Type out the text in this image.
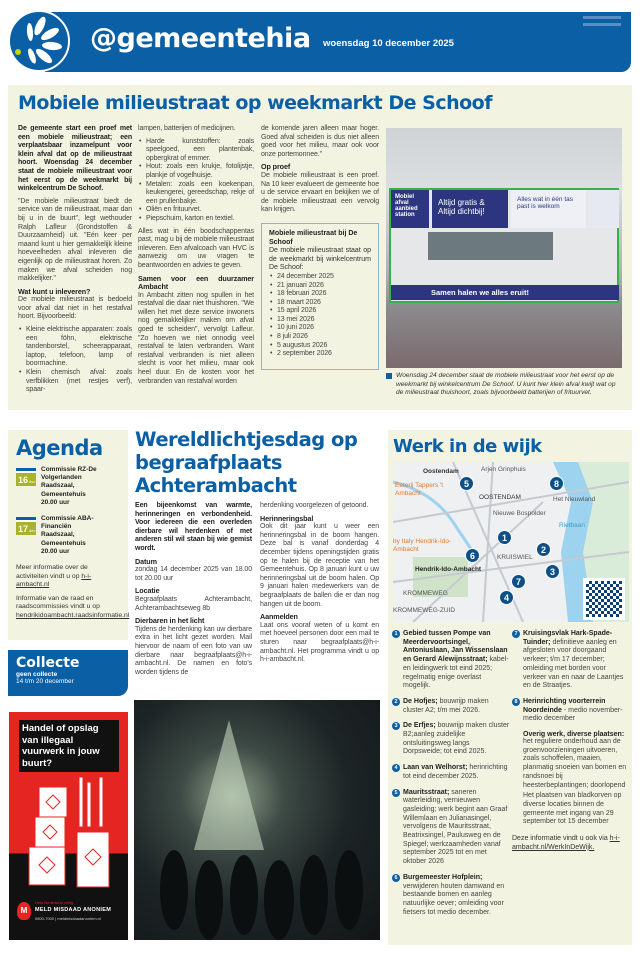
@gemeentehia woensdag 10 december 2025
Mobiele milieustraat op weekmarkt De Schoof

De gemeente start een proef met een mobiele milieustraat; een verplaatsbaar inzamelpunt voor klein afval dat op de milieustraat hoort. Woensdag 24 december staat de mobiele milieustraat voor het eerst op de weekmarkt bij winkelcentrum De Schoof.

"De mobiele milieustraat biedt de service van de milieustraat, maar dan bij u in de buurt", legt wethouder Ralph Lafleur (Grondstoffen & Duurzaamheid) uit. "Eén keer per maand kunt u hier gemakkelijk kleine hoeveelheden afval inleveren die eigenlijk op de milieustraat horen. Zo maken we afval scheiden nog makkelijker."

Wat kunt u inleveren?

De mobiele milieustraat is bedoeld voor afval dat niet in het restafval hoort. Bijvoorbeeld:

• Kleine elektrische apparaten: zoals een föhn, elektrische tandenborstel, scheerapparaat, laptop, telefoon, lamp of boormachine.
• Klein chemisch afval: zoals verfblikken (met restjes verf), spaar-

lampen, batterijen of medicijnen.

• Harde kunststoffen: zoals speelgoed, een plantenbak, opbergkrat of emmer.
• Hout: zoals een krukje, fotolijstje, plankje of vogelhuisje.
• Metalen: zoals een koekenpan, keukengerei, gereedschap, rekje of een prullenbakje.
• Oliën en frituurvet.
• Piepschuim, karton en textiel.

Alles wat in één boodschappentas past, mag u bij de mobiele milieustraat inleveren. Een afvalcoach van HVC is aanwezig om uw vragen te beantwoorden en advies te geven.

Samen voor een duurzamer Ambacht

In Ambacht zitten nog spullen in het restafval die daar niet thuishoren. "We willen het met deze service inwoners nog gemakkelijker maken om afval goed te scheiden", vervolgt Lafleur. "Zo hoeven we niet onnodig veel restafval te laten verbranden. Want restafval verbranden is niet alleen slecht is voor het milieu, maar ook heel duur. En de kosten voor het verbranden van restafval worden

de komende jaren alleen maar hoger. Goed afval scheiden is dus niet alleen goed voor het milieu, maar ook voor onze portemonnee."

Op proef

De mobiele milieustraat is een proef. Na 10 keer evalueert de gemeente hoe u de service ervaart en bekijken we of de mobiele milieustraat een vervolg kan krijgen.

Mobiele milieustraat bij De Schoof
De mobiele milieustraat staat op de weekmarkt bij winkelcentrum De Schoof:
• 24 december 2025
• 21 januari 2026
• 18 februari 2026
• 18 maart 2026
• 15 april 2026
• 13 mei 2026
• 10 juni 2026
• 8 juli 2026
• 5 augustus 2026
• 2 september 2026
Mobiel afval aanbied station
Altijd gratis & Altijd dichtbij!
Alles wat in één tas past is welkom
Samen halen we alles eruit!
Woensdag 24 december staat de mobiele milieustraat voor het eerst op de weekmarkt bij winkelcentrum De Schoof. U kunt hier klein afval kwijt wat op de milieustraat thuishoort, zoals bijvoorbeeld batterijen of frituurvet.
Agenda
16dec
Commissie RZ-De Volgerlanden
Raadszaal, Gemeentehuis
20.00 uur
17dec
Commissie ABA-Financiën
Raadszaal, Gemeentehuis
20.00 uur
Meer informatie over de activiteiten vindt u op h-i-ambacht.nl
Informatie van de raad en raadscommissies vindt u op hendrikidoambacht.raadsinformatie.nl
Collecte
geen collecte
14 t/m 20 december
Handel of opslag van illegaal vuurwerk in jouw buurt?
M
Help Nederland veilig.
MELD MISDAAD ANONIEM
0800-7000 | meldmisdaadanoniem.nl
Wereldlichtjesdag op begraafplaats Achterambacht

Een bijeenkomst van warmte, herinneringen en verbondenheid. Voor iedereen die een overleden dierbare wil herdenken of met anderen stil wil staan bij wie gemist wordt.

Datum

zondag 14 december 2025 van 18.00 tot 20.00 uur

Locatie

Begraafplaats Achterambacht, Achterambachtseweg 8b

Dierbaren in het licht

Tijdens de herdenking kan uw dierbare extra in het licht gezet worden. Mail hiervoor de naam of een foto van uw dierbare naar begraafplaats@h-i-ambacht.nl. De namen en foto's worden tijdens de

herdenking voorgelezen of getoond.

Herinneringsbal

Ook dit jaar kunt u weer een herinneringsbal in de boom hangen. Deze bal is vanaf donderdag 4 december tijdens openingstijden gratis op te halen bij de receptie van het Gemeentehuis. Op 8 januari kunt u uw herinneringsbal uit de boom halen. Op 9 januari halen medewerkers van de begraafplaats de ballen die er dan nog hangen uit de boom.

Aanmelden

Laat ons vooraf weten of u komt en met hoeveel personen door een mail te sturen naar begraafplaats@h-i-ambacht.nl. Het programma vindt u op h-i-ambacht.nl.

Werk in de wijk
Oostendam	Arjen Grinphuis
Eeterij Tappers 't Ambacht
OOSTENDAM	Het Nieuwland
Nieuwe Bospolder
Rietbaan
by Italy Hendrik-Ido-Ambacht
KRUISWIEL
Hendrik-Ido-Ambacht
KROMMEWEG
KROMMEWEG-ZUID
1
2
3
4
5
6
7
8
1 Gebied tussen Pompe van Meerdervoortsingel, Antoniuslaan, Jan Wissenslaan en Gerard Alewijnsstraat; kabel- en leidingwerk tot eind 2025; regelmatig enige overlast mogelijk.
2 De Hofjes; bouwrijp maken cluster A2; t/m mei 2026.
3 De Erfjes; bouwrijp maken cluster B2;aanleg zuidelijke ontsluitingsweg langs Dorpsweide; tot eind 2025.
4 Laan van Welhorst; herinrichting tot eind december 2025.
5 Mauritsstraat; saneren waterleiding, vernieuwen gasleiding; werk begint aan Graaf Willemlaan en Julianasingel, vervolgens de Mauritsstraat, Beatrixsingel, Paulusweg en de Spiegel; werkzaamheden vanaf september 2025 tot en met oktober 2026
6 Burgemeester Hofplein; verwijderen houten damwand en bestaande bomen en aanleg natuurlijke oever; omleiding voor fietsers tot medio december.
7 Kruisingsvlak Hark-Spade-Tuinder; definitieve aanleg en afgesloten voor doorgaand verkeer; t/m 17 december; omleiding met borden voor verkeer van en naar de Laantjes en de Straatjes.
8 Herinrichting voorterrein Noordeinde - medio november-medio december
Overig werk, diverse plaatsen:
het reguliere onderhoud aan de groenvoorzieningen uitvoeren, zoals schoffelen, maaien, planmatig snoeien van bomen en randsnoei bij heesterbeplantingen; doorlopend
Het plaatsen van bladkorven op diverse locaties binnen de gemeente met ingang van 29 september tot 15 december
Deze informatie vindt u ook via h-i-ambacht.nl/WerkInDeWijk.
